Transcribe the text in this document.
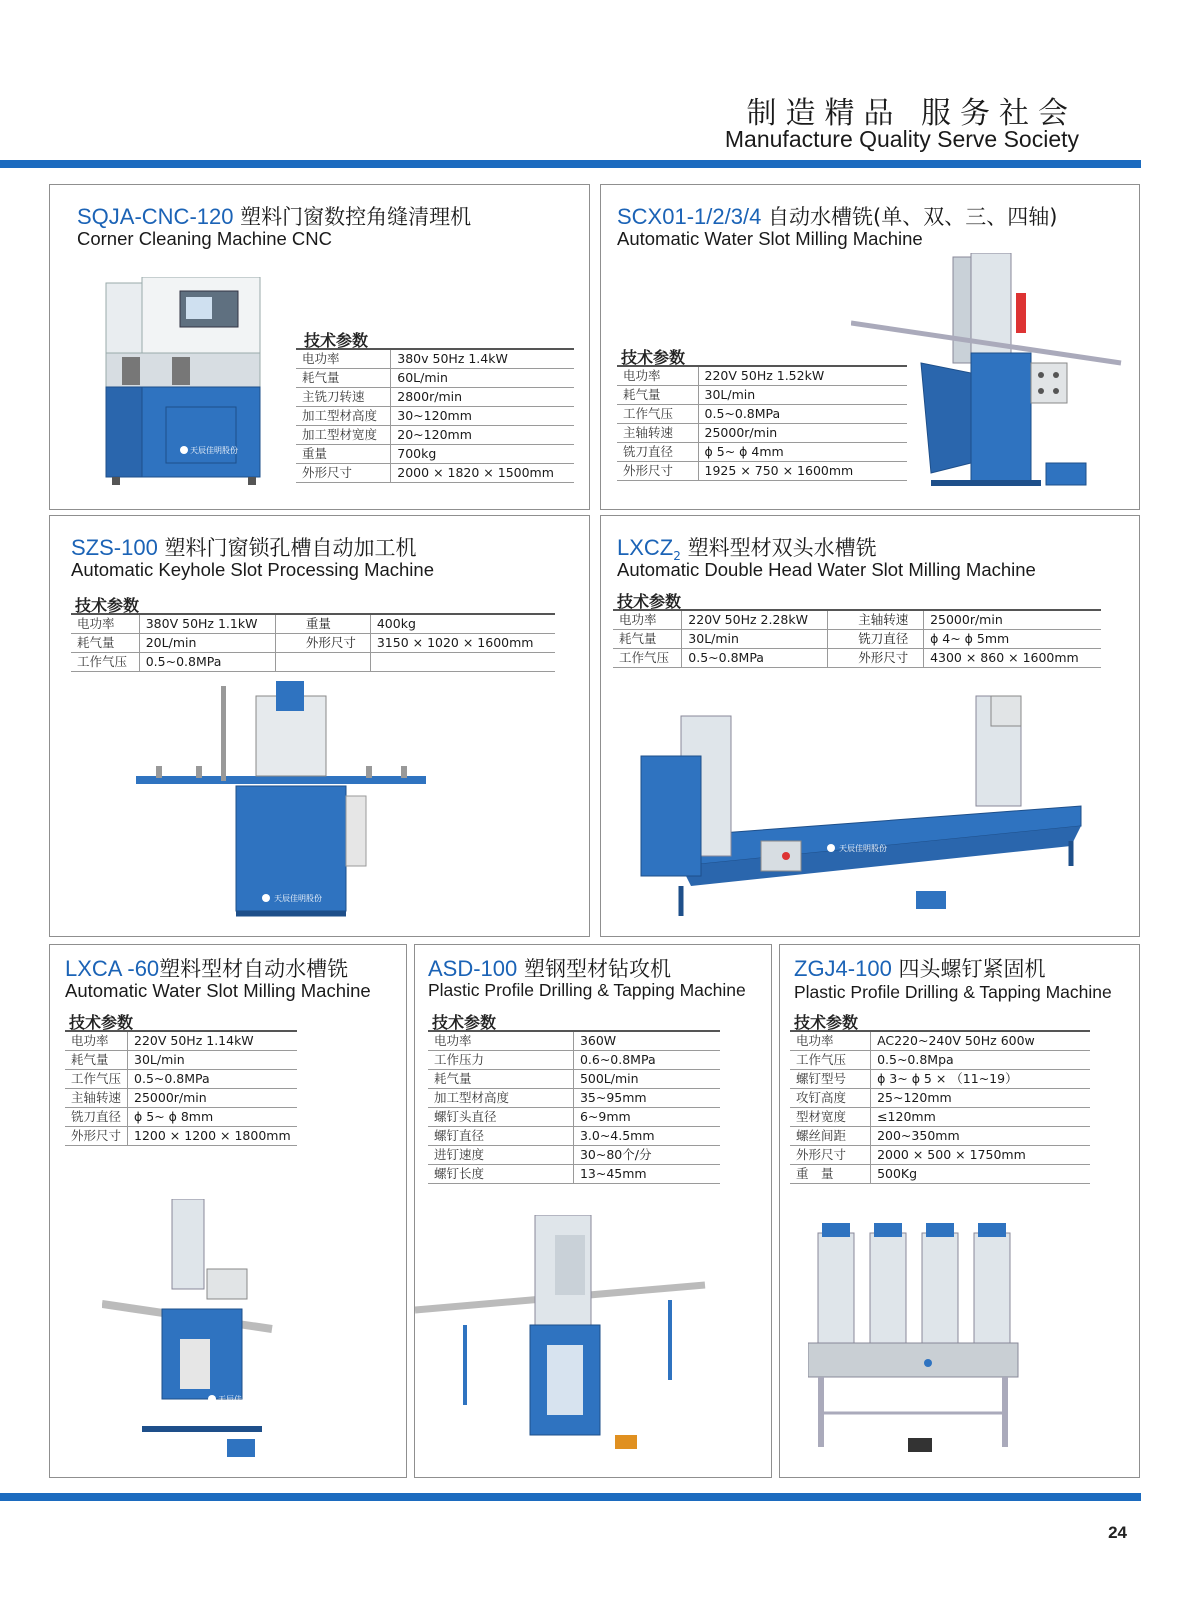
制造精品 服务社会
Manufacture Quality Serve Society
SQJA-CNC-120 塑料门窗数控角缝清理机
Corner Cleaning Machine CNC
天辰佳明股份
技术参数
电功率	380v 50Hz 1.4kW
耗气量	60L/min
主铣刀转速	2800r/min
加工型材高度	30~120mm
加工型材宽度	20~120mm
重量	700kg
外形尺寸	2000 × 1820 × 1500mm
SCX01-1/2/3/4 自动水槽铣(单、双、三、四轴)
Automatic Water Slot Milling Machine
技术参数
电功率	220V 50Hz 1.52kW
耗气量	30L/min
工作气压	0.5~0.8MPa
主轴转速	25000r/min
铣刀直径	ϕ 5~ ϕ 4mm
外形尺寸	1925 × 750 × 1600mm
SZS-100 塑料门窗锁孔槽自动加工机
Automatic Keyhole Slot Processing Machine
技术参数
电功率	380V 50Hz 1.1kW	重量	400kg
耗气量	20L/min	外形尺寸	3150 × 1020 × 1600mm
工作气压	0.5~0.8MPa		
天辰佳明股份
$LXCZ_2$ 塑料型材双头水槽铣
Automatic Double Head Water Slot Milling Machine
技术参数
电功率	220V 50Hz 2.28kW	主轴转速	25000r/min
耗气量	30L/min	铣刀直径	ϕ 4~ ϕ 5mm
工作气压	0.5~0.8MPa	外形尺寸	4300 × 860 × 1600mm
天辰佳明股份
LXCA -60塑料型材自动水槽铣
Automatic Water Slot Milling Machine
技术参数
电功率	220V 50Hz 1.14kW
耗气量	30L/min
工作气压	0.5~0.8MPa
主轴转速	25000r/min
铣刀直径	ϕ 5~ ϕ 8mm
外形尺寸	1200 × 1200 × 1800mm
天辰佳明股份
ASD-100 塑钢型材钻攻机
Plastic Profile Drilling & Tapping Machine
技术参数
电功率	360W
工作压力	0.6~0.8MPa
耗气量	500L/min
加工型材高度	35~95mm
螺钉头直径	6~9mm
螺钉直径	3.0~4.5mm
进钉速度	30~80个/分
螺钉长度	13~45mm
ZGJ4-100 四头螺钉紧固机
Plastic Profile Drilling & Tapping Machine
技术参数
电功率	AC220~240V 50Hz 600w
工作气压	0.5~0.8Mpa
螺钉型号	ϕ 3~ ϕ 5 × （11~19）
攻钉高度	25~120mm
型材宽度	≤120mm
螺丝间距	200~350mm
外形尺寸	2000 × 500 × 1750mm
重　量	500Kg
24
